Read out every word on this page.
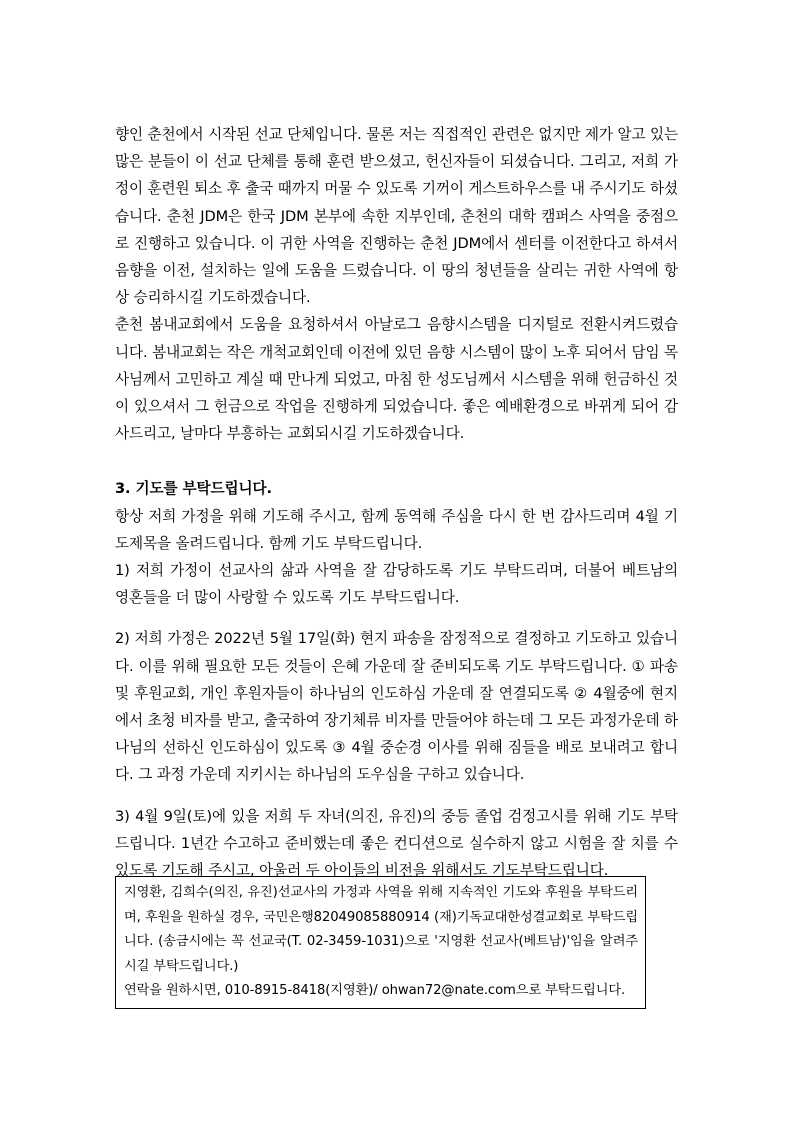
향인 춘천에서 시작된 선교 단체입니다. 물론 저는 직접적인 관련은 없지만 제가 알고 있는 많은 분들이 이 선교 단체를 통해 훈련 받으셨고, 헌신자들이 되셨습니다. 그리고, 저희 가정이 훈련원 퇴소 후 출국 때까지 머물 수 있도록 기꺼이 게스트하우스를 내 주시기도 하셨습니다. 춘천 JDM은 한국 JDM 본부에 속한 지부인데, 춘천의 대학 캠퍼스 사역을 중점으로 진행하고 있습니다. 이 귀한 사역을 진행하는 춘천 JDM에서 센터를 이전한다고 하셔서 음향을 이전, 설치하는 일에 도움을 드렸습니다. 이 땅의 청년들을 살리는 귀한 사역에 항상 승리하시길 기도하겠습니다.

춘천 봄내교회에서 도움을 요청하셔서 아날로그 음향시스템을 디지털로 전환시켜드렸습니다. 봄내교회는 작은 개척교회인데 이전에 있던 음향 시스템이 많이 노후 되어서 담임 목사님께서 고민하고 계실 때 만나게 되었고, 마침 한 성도님께서 시스템을 위해 헌금하신 것이 있으셔서 그 헌금으로 작업을 진행하게 되었습니다. 좋은 예배환경으로 바뀌게 되어 감사드리고, 날마다 부흥하는 교회되시길 기도하겠습니다.

3. 기도를 부탁드립니다.

항상 저희 가정을 위해 기도해 주시고, 함께 동역해 주심을 다시 한 번 감사드리며 4월 기도제목을 올려드립니다. 함께 기도 부탁드립니다.

1) 저희 가정이 선교사의 삶과 사역을 잘 감당하도록 기도 부탁드리며, 더불어 베트남의 영혼들을 더 많이 사랑할 수 있도록 기도 부탁드립니다.

2) 저희 가정은 2022년 5월 17일(화) 현지 파송을 잠정적으로 결정하고 기도하고 있습니다. 이를 위해 필요한 모든 것들이 은혜 가운데 잘 준비되도록 기도 부탁드립니다. ① 파송 및 후원교회, 개인 후원자들이 하나님의 인도하심 가운데 잘 연결되도록 ② 4월중에 현지에서 초청 비자를 받고, 출국하여 장기체류 비자를 만들어야 하는데 그 모든 과정가운데 하나님의 선하신 인도하심이 있도록 ③ 4월 중순경 이사를 위해 짐들을 배로 보내려고 합니다. 그 과정 가운데 지키시는 하나님의 도우심을 구하고 있습니다.

3) 4월 9일(토)에 있을 저희 두 자녀(의진, 유진)의 중등 졸업 검정고시를 위해 기도 부탁드립니다. 1년간 수고하고 준비했는데 좋은 컨디션으로 실수하지 않고 시험을 잘 치를 수 있도록 기도해 주시고, 아울러 두 아이들의 비전을 위해서도 기도부탁드립니다.

지영환, 김희수(의진, 유진)선교사의 가정과 사역을 위해 지속적인 기도와 후원을 부탁드리며, 후원을 원하실 경우, 국민은행82049085880914 (재)기독교대한성결교회로 부탁드립니다. (송금시에는 꼭 선교국(T. 02-3459-1031)으로 '지영환 선교사(베트남)'임을 알려주시길 부탁드립니다.)

연락을 원하시면, 010-8915-8418(지영환)/ ohwan72@nate.com으로 부탁드립니다.
